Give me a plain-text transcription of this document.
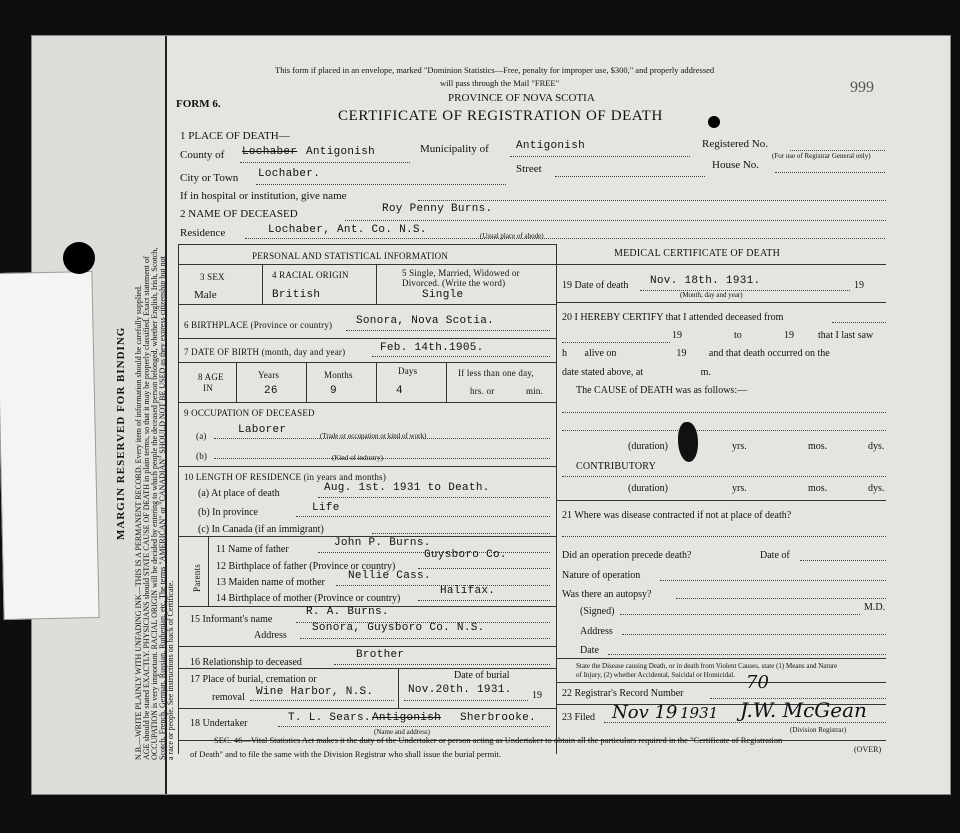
MARGIN RESERVED FOR BINDING N.B.—WRITE PLAINLY WITH UNFADING INK—THIS IS A PERMANENT RECORD. Every item of information should be carefully supplied. AGE should be stated EXACTLY. PHYSICIANS should STATE CAUSE OF DEATH in plain terms, so that it may be properly classified. Exact statement of OCCUPATION is very important. RACIAL ORIGIN will be decided by entering to which people the deceased person belonged, whether English, Irish, Scotch, Scotch, French, German, Russian, Ruthenian, etc. The terms "AMERICAN" or "CANADIAN" SHOULD NOT BE USED as they express citizenship but not a race or people. See instructions on back of Certificate.
This form if placed in an envelope, marked "Dominion Statistics—Free, penalty for improper use, $300," and properly addressed
will pass through the Mail "FREE"
PROVINCE OF NOVA SCOTIA
FORM 6.
CERTIFICATE OF REGISTRATION OF DEATH
999
1 PLACE OF DEATH—
County of Lochaber Antigonish	Municipality of Antigonish	Registered No.
(For use of Registrar General only)
City or Town Lochaber.	Street	House No.
If in hospital or institution, give name
2 NAME OF DECEASED	Roy Penny Burns.
Residence	Lochaber, Ant. Co. N.S.	(Usual place of abode)
PERSONAL AND STATISTICAL INFORMATION
3 SEX
Male
4 RACIAL ORIGIN
British
5 Single, Married, Widowed or
Divorced. (Write the word)
Single
6 BIRTHPLACE (Province or country) Sonora, Nova Scotia.
7 DATE OF BIRTH (month, day and year)	Feb. 14th.1905.
8 AGE
IN
Years
26
Months
9
Days
4
If less than one day,
hrs. or	min.
9 OCCUPATION OF DECEASED
(a)	Laborer	(Trade or occupation or kind of work)
(b)	(Kind of industry)
10 LENGTH OF RESIDENCE (in years and months)
(a) At place of death	Aug. 1st. 1931 to Death.
(b) In province	Life
(c) In Canada (if an immigrant)
Parents
11 Name of father
John P. Burns.
12 Birthplace of father (Province or country)
Guysboro Co.
13 Maiden name of mother
Nellie Cass.
14 Birthplace of mother (Province or country)
Halifax.
15 Informant's name
R. A. Burns.
Address
Sonora, Guysboro Co. N.S.
16 Relationship to deceased
Brother
17 Place of burial, cremation or
removal Wine Harbor, N.S.
Date of burial
Nov.20th. 1931. 19
18 Undertaker	T. L. Sears. Antigonish Sherbrooke.
(Name and address)
MEDICAL CERTIFICATE OF DEATH
19 Date of death Nov. 18th. 1931.	19
(Month, day and year)
20 I HEREBY CERTIFY that I attended deceased from
19	to	19 that I last saw
h       alive on                        19         and that death occurred on the
date stated above, at                       m.
The CAUSE of DEATH was as follows:—
(duration)	yrs.	mos.	dys.
CONTRIBUTORY
(duration)	yrs.	mos.	dys.
21 Where was disease contracted if not at place of death?
Did an operation precede death?	Date of
Nature of operation
Was there an autopsy?
(Signed)	M.D.
Address
Date
State the Disease causing Death, or in death from Violent Causes, state (1) Means and Nature
of Injury, (2) whether Accidental, Suicidal or Homicidal.
22 Registrar's Record Number
70
23 Filed Nov 19 1931 J.W. McGean
(Division Registrar)
SEC. 46—Vital Statistics Act makes it the duty of the Undertaker or person acting as Undertaker to obtain all the particulars required in the "Certificate of Registration
of Death" and to file the same with the Division Registrar who shall issue the burial permit.	(OVER)
